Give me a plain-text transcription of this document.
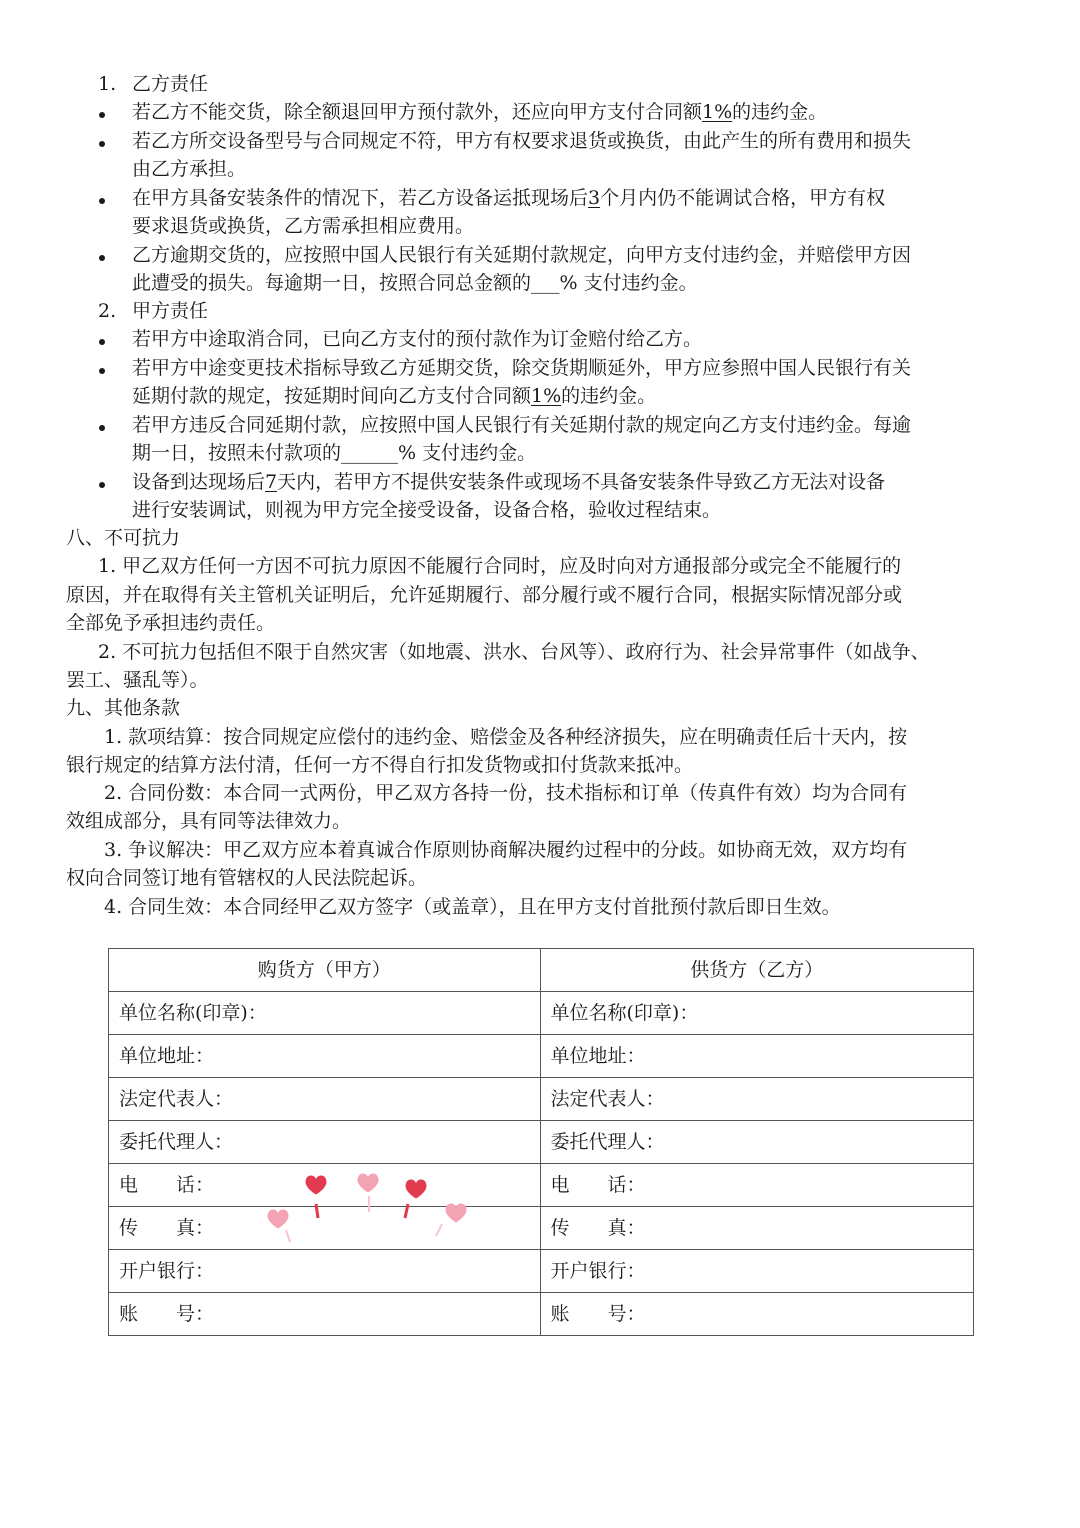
1. 乙方责任
若乙方不能交货，除全额退回甲方预付款外，还应向甲方支付合同额1%的违约金。
若乙方所交设备型号与合同规定不符，甲方有权要求退货或换货，由此产生的所有费用和损失
由乙方承担。
在甲方具备安装条件的情况下，若乙方设备运抵现场后3个月内仍不能调试合格，甲方有权
要求退货或换货，乙方需承担相应费用。
乙方逾期交货的，应按照中国人民银行有关延期付款规定，向甲方支付违约金，并赔偿甲方因
此遭受的损失。每逾期一日，按照合同总金额的___% 支付违约金。
2. 甲方责任
若甲方中途取消合同，已向乙方支付的预付款作为订金赔付给乙方。
若甲方中途变更技术指标导致乙方延期交货，除交货期顺延外，甲方应参照中国人民银行有关
延期付款的规定，按延期时间向乙方支付合同额1%的违约金。
若甲方违反合同延期付款，应按照中国人民银行有关延期付款的规定向乙方支付违约金。每逾
期一日，按照未付款项的______% 支付违约金。
设备到达现场后7天内，若甲方不提供安装条件或现场不具备安装条件导致乙方无法对设备
进行安装调试，则视为甲方完全接受设备，设备合格，验收过程结束。
八、不可抗力
1. 甲乙双方任何一方因不可抗力原因不能履行合同时，应及时向对方通报部分或完全不能履行的
原因，并在取得有关主管机关证明后，允许延期履行、部分履行或不履行合同，根据实际情况部分或
全部免予承担违约责任。
2. 不可抗力包括但不限于自然灾害（如地震、洪水、台风等）、政府行为、社会异常事件（如战争、
罢工、骚乱等）。
九、其他条款
1. 款项结算：按合同规定应偿付的违约金、赔偿金及各种经济损失，应在明确责任后十天内，按
银行规定的结算方法付清，任何一方不得自行扣发货物或扣付货款来抵冲。
2. 合同份数：本合同一式两份，甲乙双方各持一份，技术指标和订单（传真件有效）均为合同有
效组成部分，具有同等法律效力。
3. 争议解决：甲乙双方应本着真诚合作原则协商解决履约过程中的分歧。如协商无效，双方均有
权向合同签订地有管辖权的人民法院起诉。
4. 合同生效：本合同经甲乙双方签字（或盖章），且在甲方支付首批预付款后即日生效。
购货方（甲方）	供货方（乙方）
单位名称(印章)：	单位名称(印章)：
单位地址：	单位地址：
法定代表人：	法定代表人：
委托代理人：	委托代理人：
电　　话：	电　　话：
传　　真：	传　　真：
开户银行：	开户银行：
账　　号：	账　　号：
